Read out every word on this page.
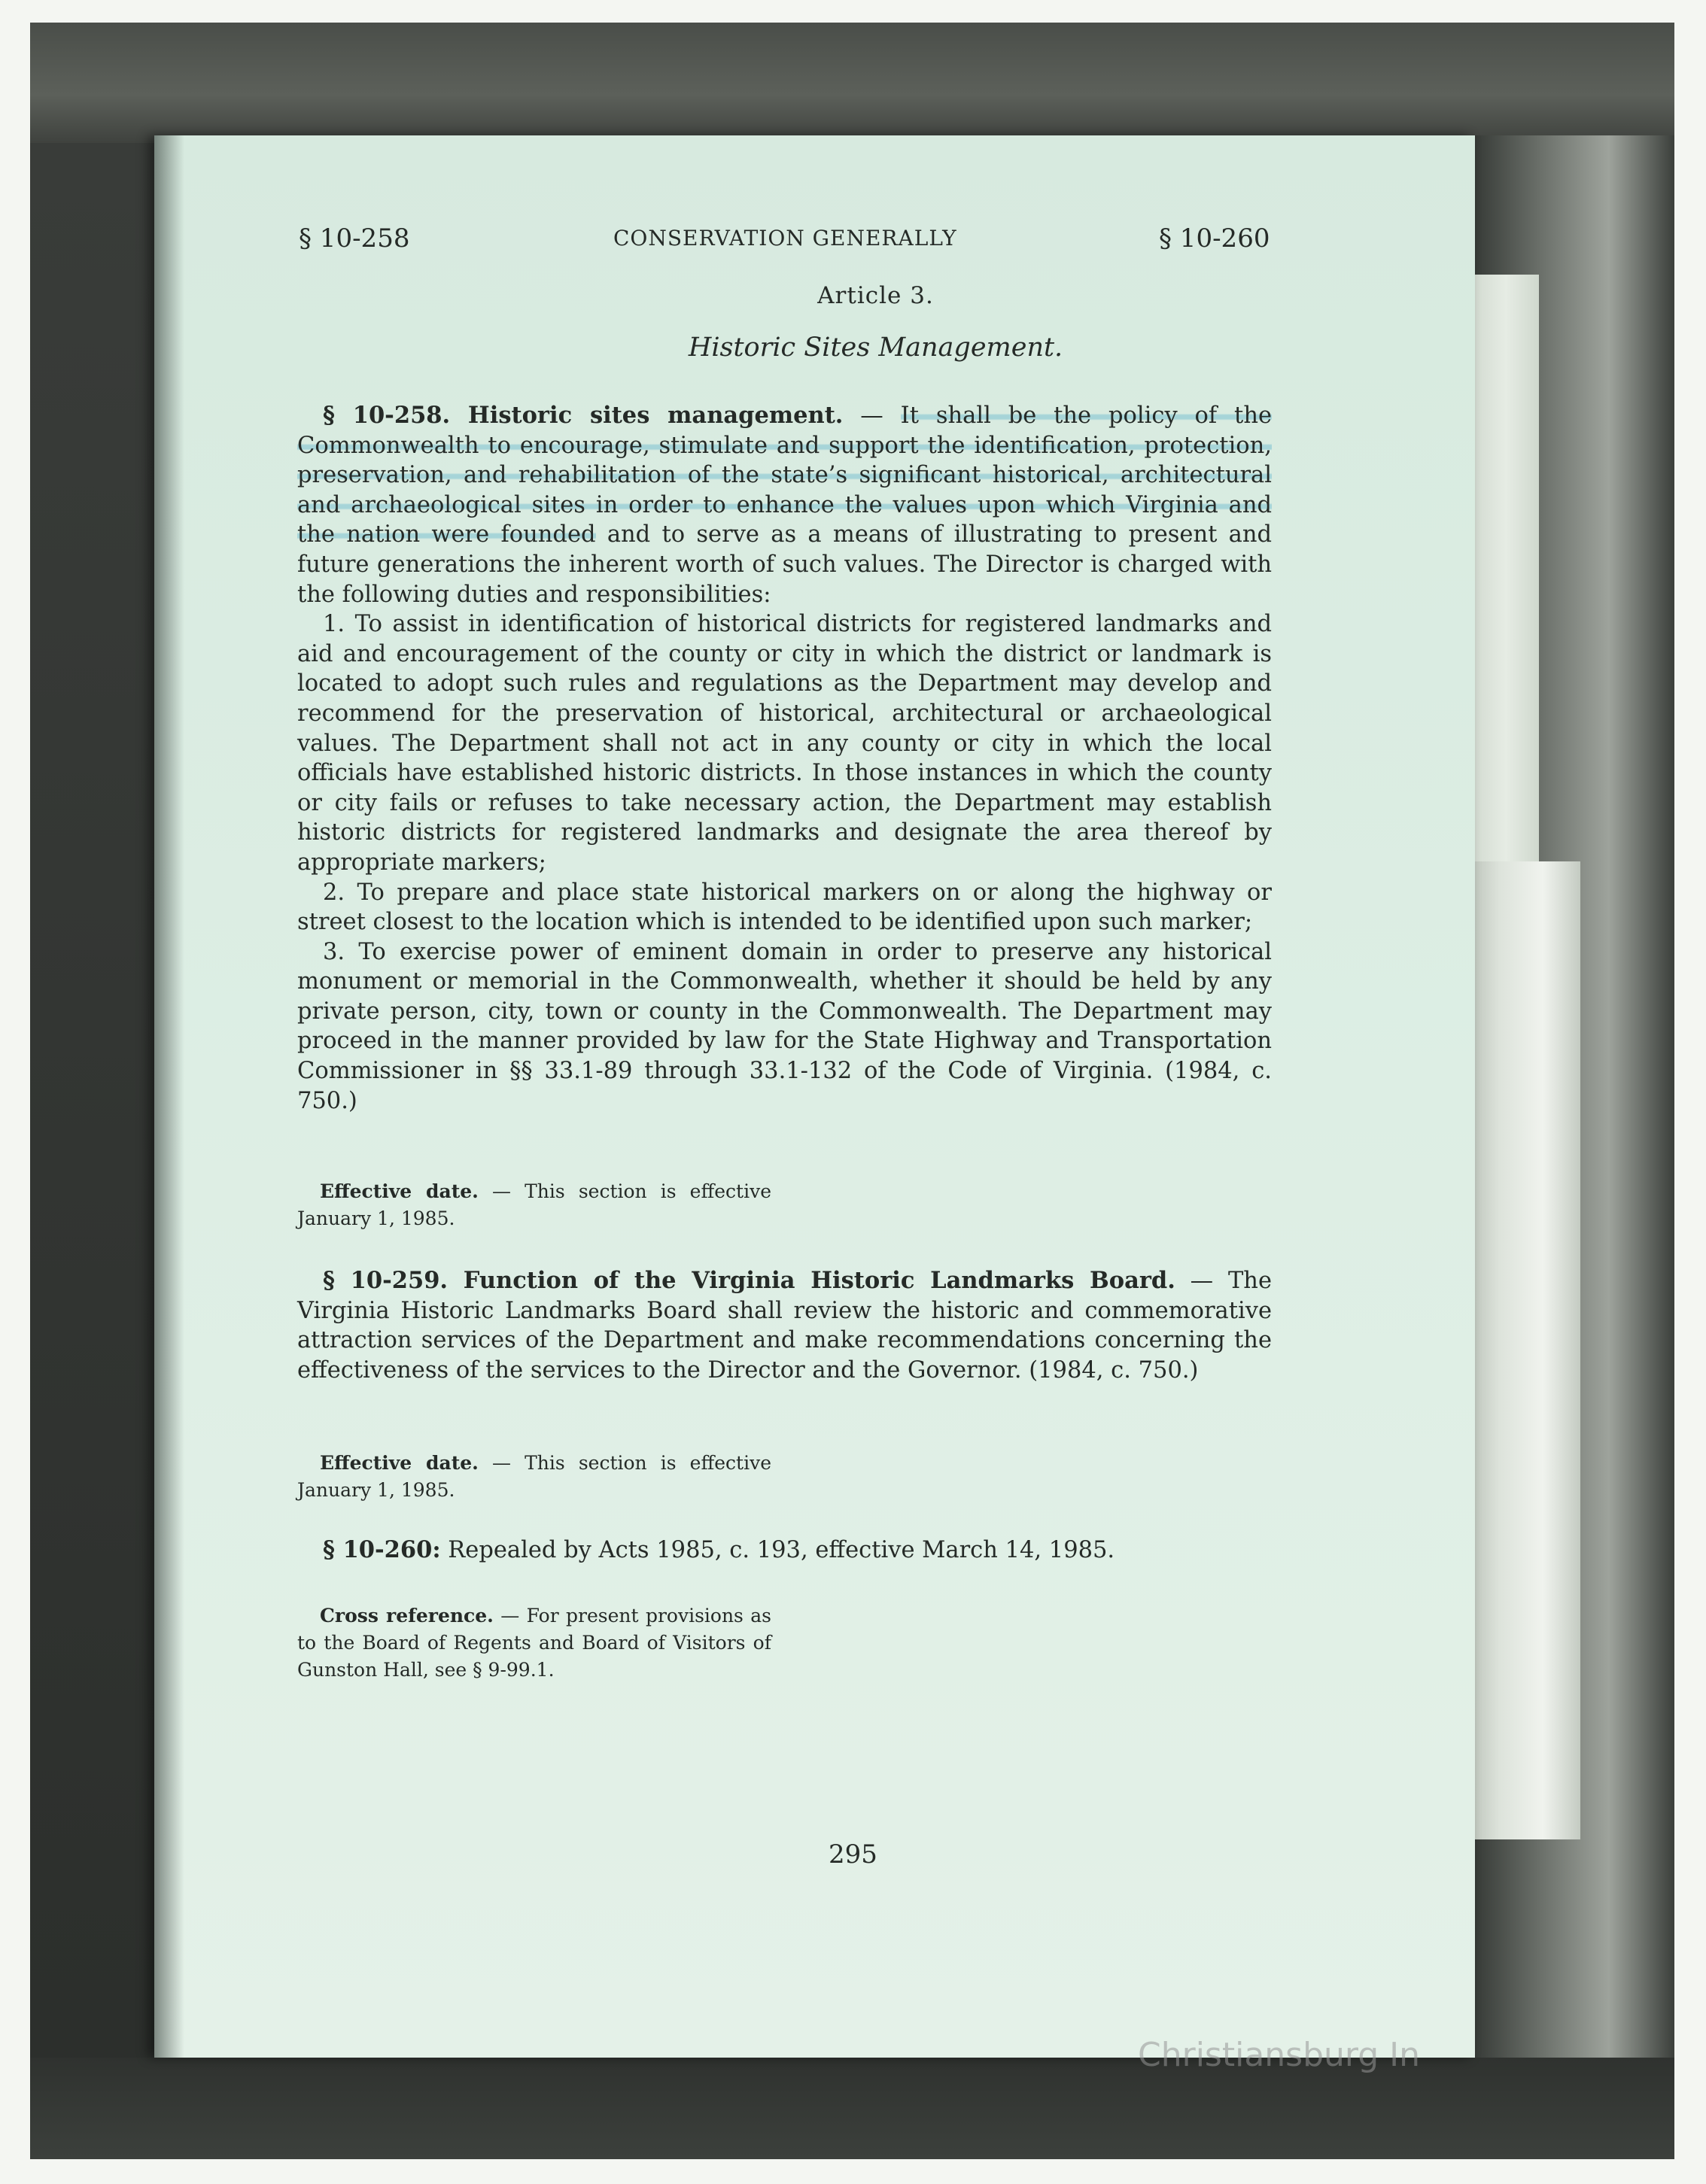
§ 10-258	CONSERVATION GENERALLY	§ 10-260
Article 3.
Historic Sites Management.

§ 10-258. Historic sites management. — It shall be the policy of the Commonwealth to encourage, stimulate and support the identification, protection, preservation, and rehabilitation of the state’s significant historical, architectural and archaeological sites in order to enhance the values upon which Virginia and the nation were founded and to serve as a means of illustrating to present and future generations the inherent worth of such values. The Director is charged with the following duties and responsibilities:

1. To assist in identification of historical districts for registered landmarks and aid and encouragement of the county or city in which the district or landmark is located to adopt such rules and regulations as the Department may develop and recommend for the preservation of historical, architectural or archaeological values. The Department shall not act in any county or city in which the local officials have established historic districts. In those instances in which the county or city fails or refuses to take necessary action, the Department may establish historic districts for registered landmarks and designate the area thereof by appropriate markers;

2. To prepare and place state historical markers on or along the highway or street closest to the location which is intended to be identified upon such marker;

3. To exercise power of eminent domain in order to preserve any historical monument or memorial in the Commonwealth, whether it should be held by any private person, city, town or county in the Commonwealth. The Department may proceed in the manner provided by law for the State Highway and Transportation Commissioner in §§ 33.1-89 through 33.1-132 of the Code of Virginia. (1984, c. 750.)

Effective date. — This section is effective January 1, 1985.

§ 10-259. Function of the Virginia Historic Landmarks Board. — The Virginia Historic Landmarks Board shall review the historic and commemorative attraction services of the Department and make recommendations concerning the effectiveness of the services to the Director and the Governor. (1984, c. 750.)

Effective date. — This section is effective January 1, 1985.

§ 10-260: Repealed by Acts 1985, c. 193, effective March 14, 1985.

Cross reference. — For present provisions as to the Board of Regents and Board of Visitors of Gunston Hall, see § 9-99.1.

295
Christiansburg In
